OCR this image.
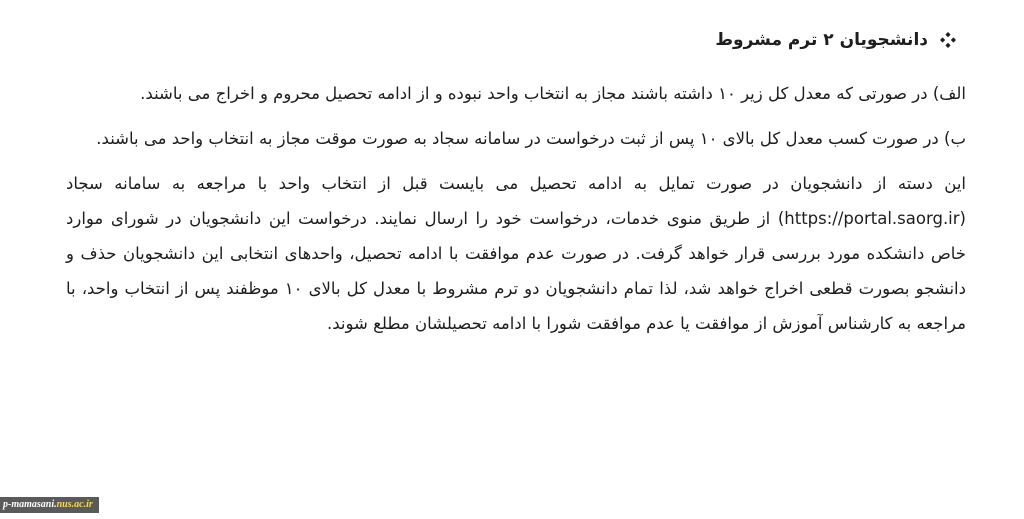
دانشجویان ۲ ترم مشروط

الف) در صورتی که معدل کل زیر ۱۰ داشته باشند مجاز به انتخاب واحد نبوده و از ادامه تحصیل محروم و اخراج می باشند.

ب) در صورت کسب معدل کل بالای ۱۰ پس از ثبت درخواست در سامانه سجاد به صورت موقت مجاز به انتخاب واحد می باشند.

این دسته از دانشجویان در صورت تمایل به ادامه تحصیل می بایست قبل از انتخاب واحد با مراجعه به سامانه سجاد (https://portal.saorg.ir) از طریق منوی خدمات، درخواست خود را ارسال نمایند. درخواست این دانشجویان در شورای موارد خاص دانشکده مورد بررسی قرار خواهد گرفت. در صورت عدم موافقت با ادامه تحصیل، واحدهای انتخابی این دانشجویان حذف و دانشجو بصورت قطعی اخراج خواهد شد، لذا تمام دانشجویان دو ترم مشروط با معدل کل بالای ۱۰ موظفند پس از انتخاب واحد، با مراجعه به کارشناس آموزش از موافقت یا عدم موافقت شورا با ادامه تحصیلشان مطلع شوند.

p-mamasani.nus.ac.ir
